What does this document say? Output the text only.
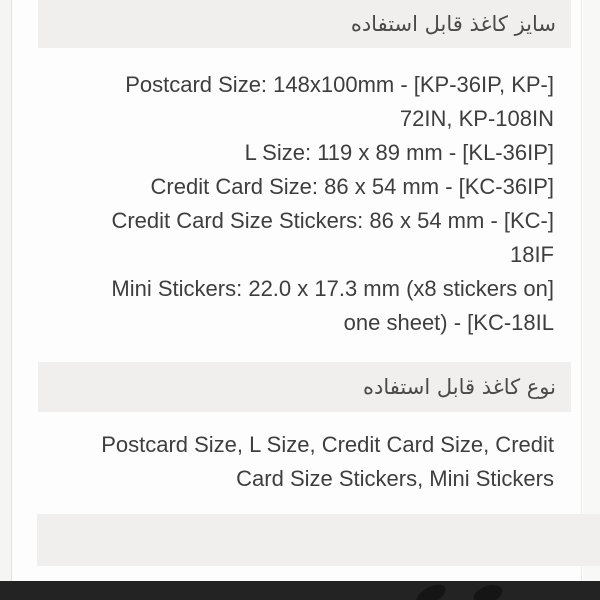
سایز کاغذ قابل استفاده
Postcard Size: 148x100mm - [KP-36IP, KP-]
72IN, KP-108IN
L Size: 119 x 89 mm - [KL-36IP]
Credit Card Size: 86 x 54 mm - [KC-36IP]
Credit Card Size Stickers: 86 x 54 mm - [KC-]
18IF
Mini Stickers: 22.0 x 17.3 mm (x8 stickers on]
one sheet) - [KC-18IL
نوع کاغذ قابل استفاده
Postcard Size, L Size, Credit Card Size, Credit
Card Size Stickers, Mini Stickers
